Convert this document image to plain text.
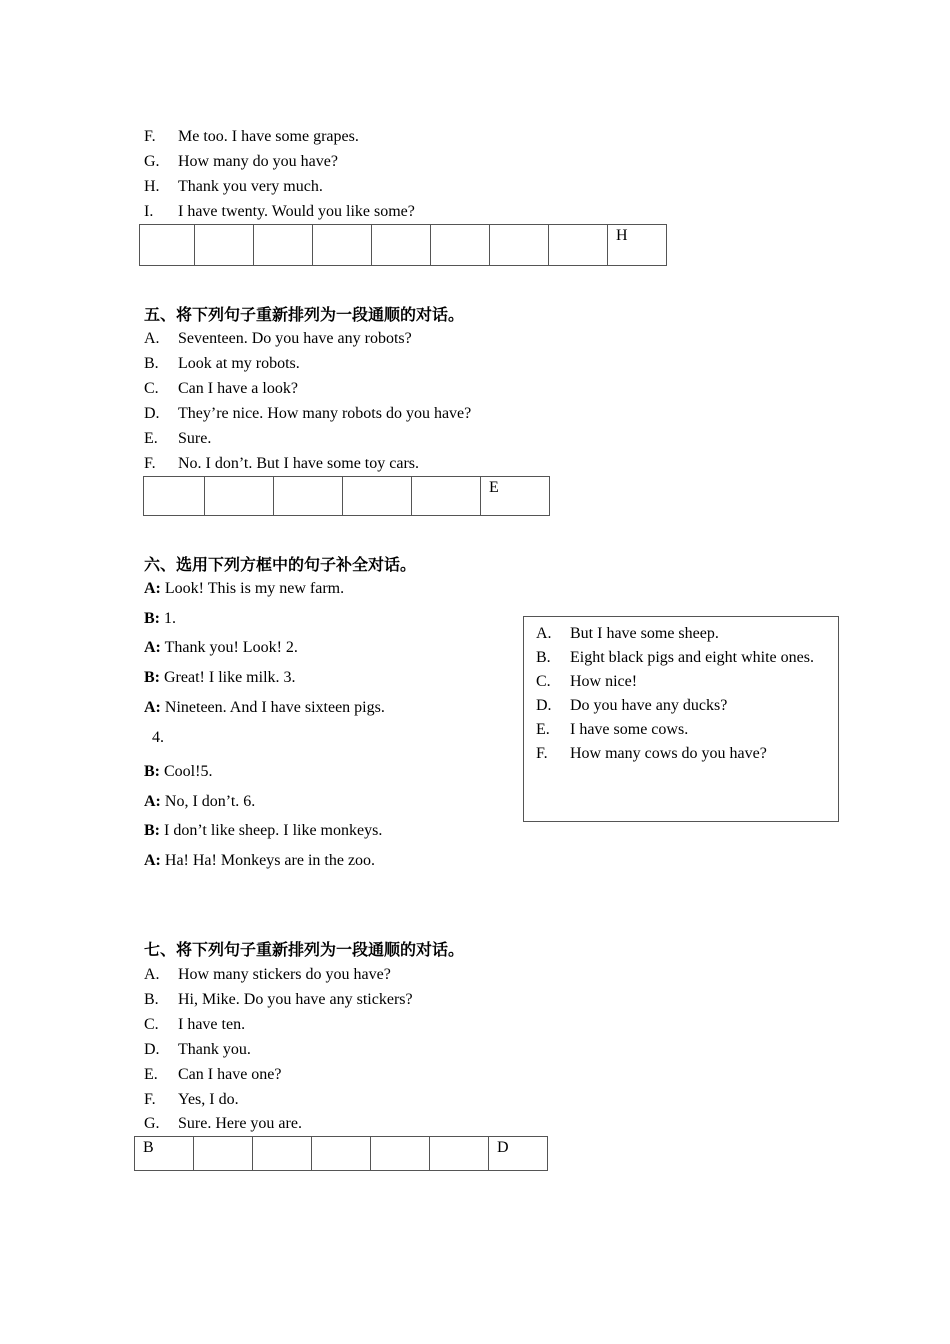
F. Me too. I have some grapes.
G. How many do you have?
H. Thank you very much.
I. I have twenty. Would you like some?
								H
五、将下列句子重新排列为一段通顺的对话。
A. Seventeen. Do you have any robots?
B. Look at my robots.
C. Can I have a look?
D. They’re nice. How many robots do you have?
E. Sure.
F. No. I don’t. But I have some toy cars.
					E
六、选用下列方框中的句子补全对话。
A: Look! This is my new farm.
B: 1.
A: Thank you! Look! 2.
B: Great! I like milk. 3.
A: Nineteen. And I have sixteen pigs.
4.
B: Cool!5.
A: No, I don’t. 6.
B: I don’t like sheep. I like monkeys.
A: Ha! Ha! Monkeys are in the zoo.
A. But I have some sheep.
B. Eight black pigs and eight white ones.
C. How nice!
D. Do you have any ducks?
E. I have some cows.
F. How many cows do you have?
七、将下列句子重新排列为一段通顺的对话。
A. How many stickers do you have?
B. Hi, Mike. Do you have any stickers?
C. I have ten.
D. Thank you.
E. Can I have one?
F. Yes, I do.
G. Sure. Here you are.
B						D
